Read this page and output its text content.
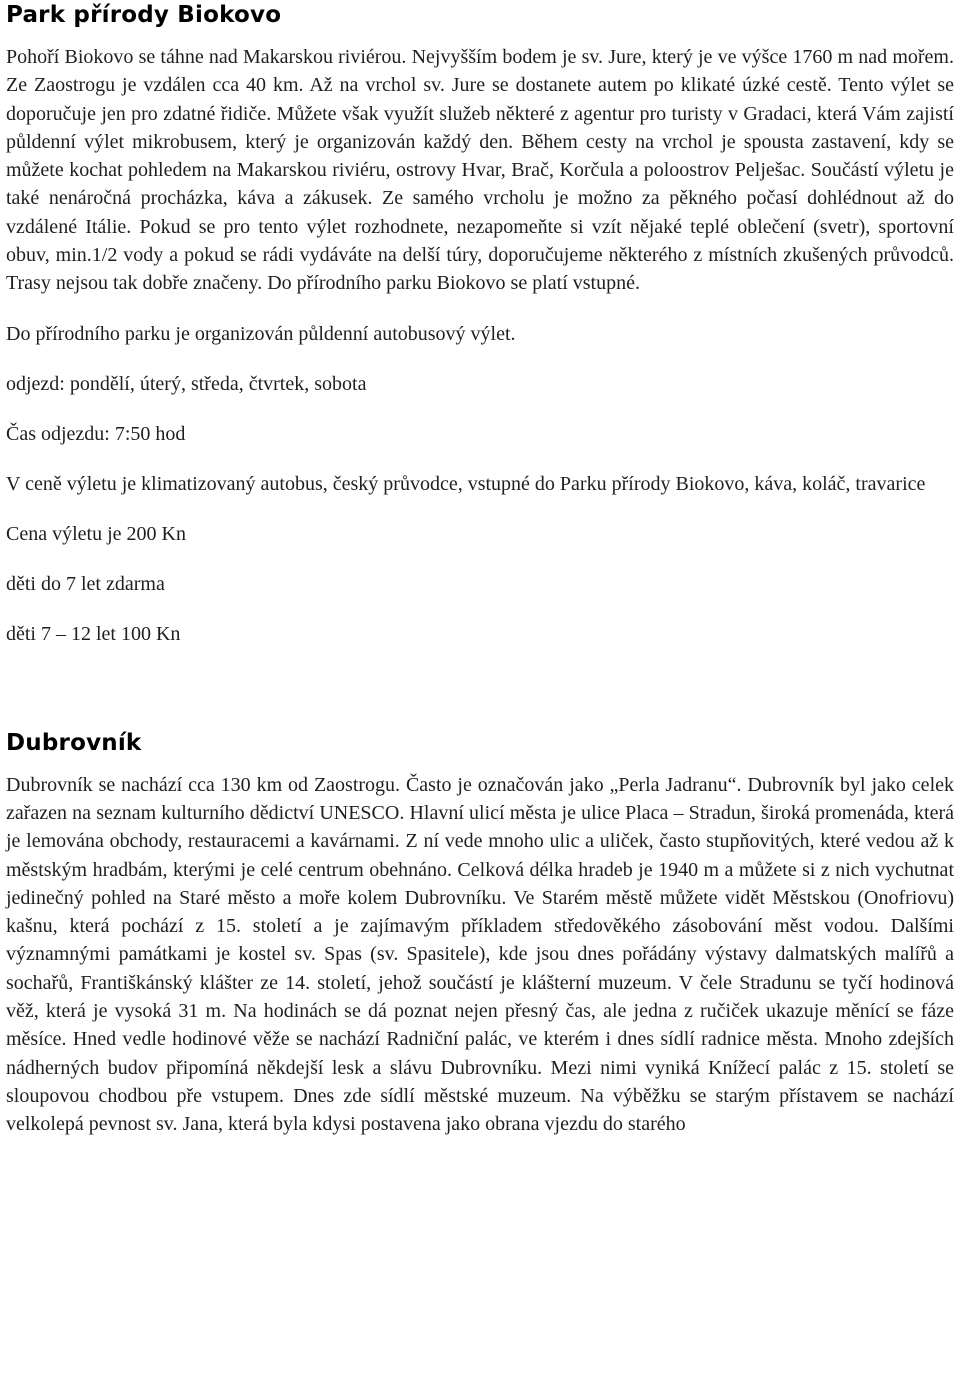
Park přírody Biokovo

Pohoří Biokovo se táhne nad Makarskou riviérou. Nejvyšším bodem je sv. Jure, který je ve výšce 1760 m nad mořem. Ze Zaostrogu je vzdálen cca 40 km. Až na vrchol sv. Jure se dostanete autem po klikaté úzké cestě. Tento výlet se doporučuje jen pro zdatné řidiče. Můžete však využít služeb některé z agentur pro turisty v Gradaci, která Vám zajistí půldenní výlet mikrobusem, který je organizován každý den. Během cesty na vrchol je spousta zastavení, kdy se můžete kochat pohledem na Makarskou riviéru, ostrovy Hvar, Brač, Korčula a poloostrov Pelješac. Součástí výletu je také nenáročná procházka, káva a zákusek. Ze samého vrcholu je možno za pěkného počasí dohlédnout až do vzdálené Itálie. Pokud se pro tento výlet rozhodnete, nezapomeňte si vzít nějaké teplé oblečení (svetr), sportovní obuv, min.1/2 vody a pokud se rádi vydáváte na delší túry, doporučujeme některého z místních zkušených průvodců. Trasy nejsou tak dobře značeny. Do přírodního parku Biokovo se platí vstupné.

Do přírodního parku je organizován půldenní autobusový výlet.

odjezd: pondělí, úterý, středa, čtvrtek, sobota

Čas odjezdu: 7:50 hod

V ceně výletu je klimatizovaný autobus, český průvodce, vstupné do Parku přírody Biokovo, káva, koláč, travarice

Cena výletu je 200 Kn

děti do 7 let zdarma

děti 7 – 12 let 100 Kn

Dubrovník

Dubrovník se nachází cca 130 km od Zaostrogu. Často je označován jako „Perla Jadranu“. Dubrovník byl jako celek zařazen na seznam kulturního dědictví UNESCO. Hlavní ulicí města je ulice Placa – Stradun, široká promenáda, která je lemována obchody, restauracemi a kavárnami. Z ní vede mnoho ulic a uliček, často stupňovitých, které vedou až k městským hradbám, kterými je celé centrum obehnáno. Celková délka hradeb je 1940 m a můžete si z nich vychutnat jedinečný pohled na Staré město a moře kolem Dubrovníku. Ve Starém městě můžete vidět Městskou (Onofriovu) kašnu, která pochází z 15. století a je zajímavým příkladem středověkého zásobování měst vodou. Dalšími významnými památkami je kostel sv. Spas (sv. Spasitele), kde jsou dnes pořádány výstavy dalmatských malířů a sochařů, Františkánský klášter ze 14. století, jehož součástí je klášterní muzeum. V čele Stradunu se tyčí hodinová věž, která je vysoká 31 m. Na hodinách se dá poznat nejen přesný čas, ale jedna z ručiček ukazuje měnící se fáze měsíce. Hned vedle hodinové věže se nachází Radniční palác, ve kterém i dnes sídlí radnice města. Mnoho zdejších nádherných budov připomíná někdejší lesk a slávu Dubrovníku. Mezi nimi vyniká Knížecí palác z 15. století se sloupovou chodbou pře vstupem. Dnes zde sídlí městské muzeum. Na výběžku se starým přístavem se nachází velkolepá pevnost sv. Jana, která byla kdysi postavena jako obrana vjezdu do starého
